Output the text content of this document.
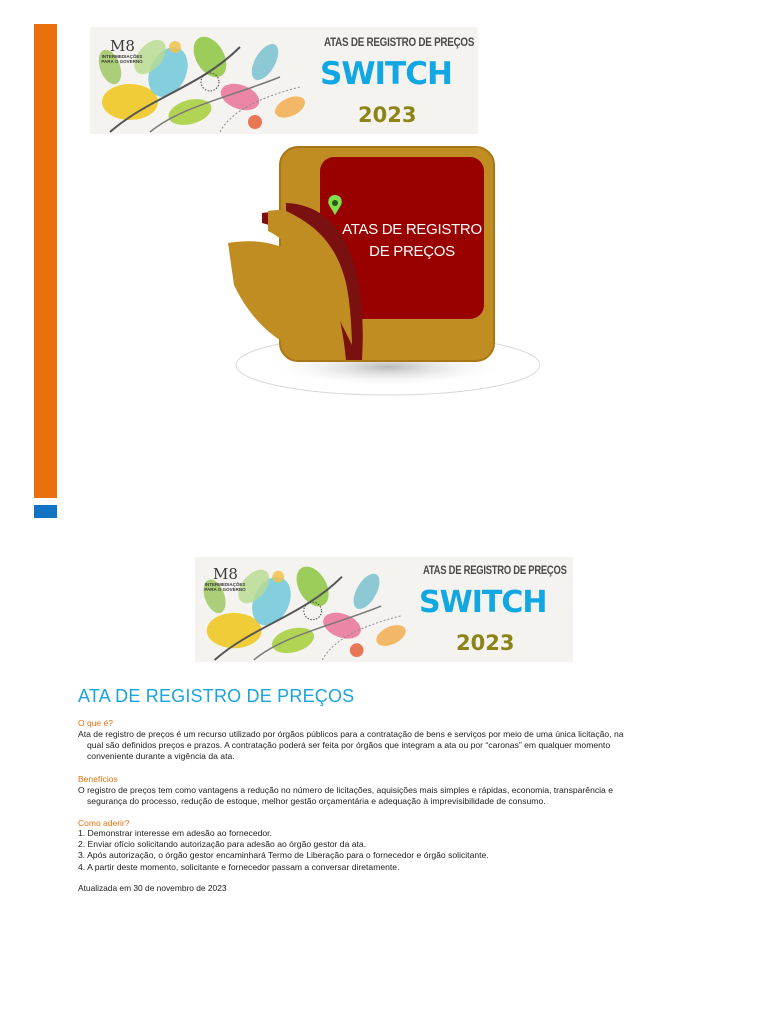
M8
INTERMEDIAÇÕES PARA O GOVERNO
ATAS DE REGISTRO DE PREÇOS
SWITCH
2023
ATAS DE REGISTRO
DE PREÇOS
M8
INTERMEDIAÇÕES PARA O GOVERNO
ATAS DE REGISTRO DE PREÇOS
SWITCH
2023
ATA DE REGISTRO DE PREÇOS
O que é?
Ata de registro de preços é um recurso utilizado por órgãos públicos para a contratação de bens e serviços por meio de uma única licitação, na

qual são definidos preços e prazos. A contratação poderá ser feita por órgãos que integram a ata ou por “caronas” em qualquer momento
conveniente durante a vigência da ata.
Benefícios
O registro de preços tem como vantagens a redução no número de licitações, aquisições mais simples e rápidas, economia, transparência e

segurança do processo, redução de estoque, melhor gestão orçamentária e adequação à imprevisibilidade de consumo.
Como aderir?
1. Demonstrar interesse em adesão ao fornecedor.
2. Enviar ofício solicitando autorização para adesão ao órgão gestor da ata.
3. Após autorização, o órgão gestor encaminhará Termo de Liberação para o fornecedor e órgão solicitante.
4. A partir deste momento, solicitante e fornecedor passam a conversar diretamente.
Atualizada em 30 de novembro de 2023
